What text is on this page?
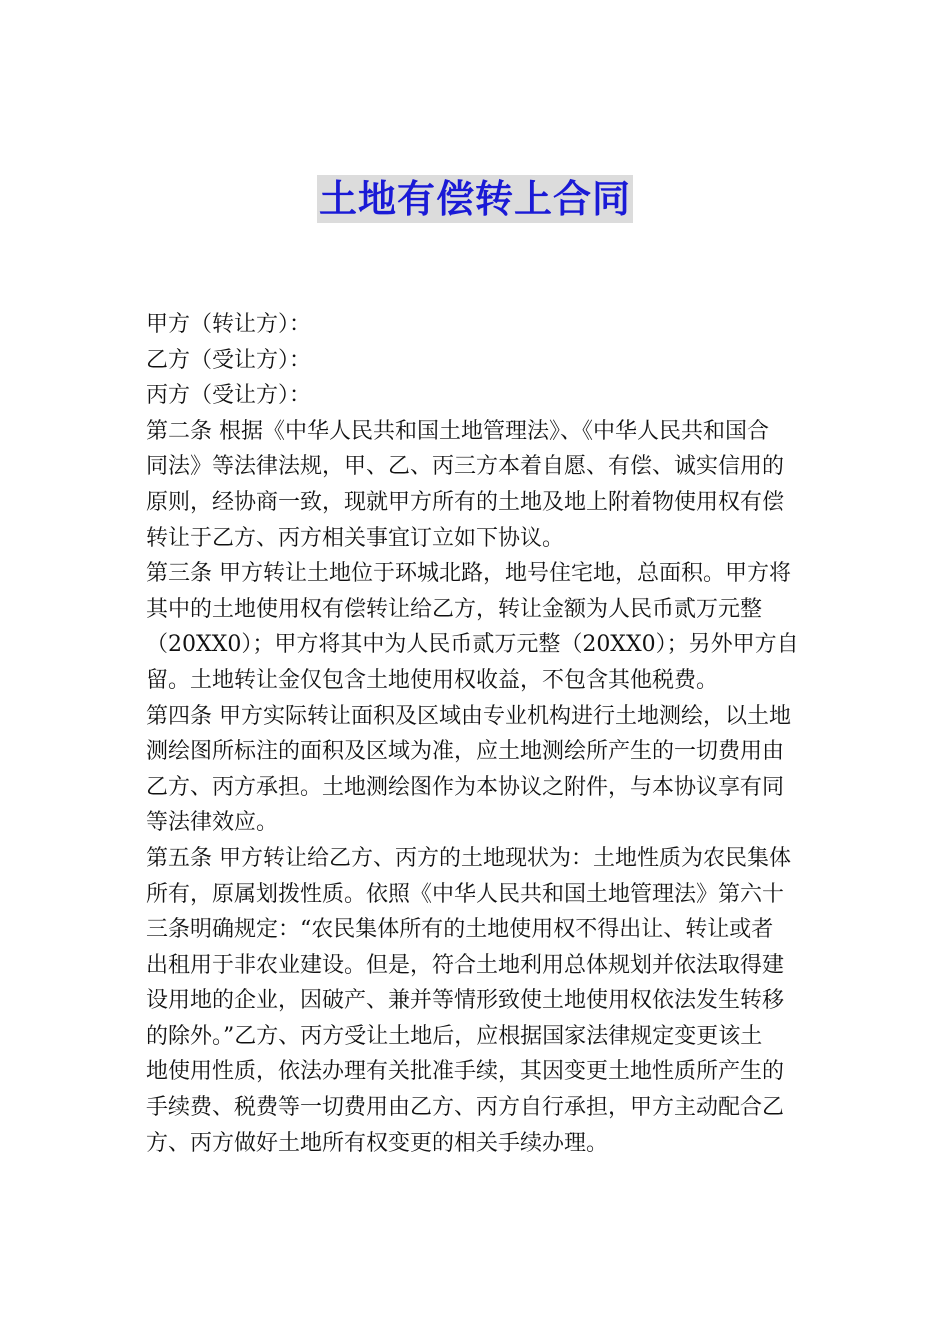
土地有偿转上合同
甲方（转让方）：
乙方（受让方）：
丙方（受让方）：
第二条 根据《中华人民共和国土地管理法》、《中华人民共和国合
同法》等法律法规，甲、乙、丙三方本着自愿、有偿、诚实信用的
原则，经协商一致，现就甲方所有的土地及地上附着物使用权有偿
转让于乙方、丙方相关事宜订立如下协议。
第三条 甲方转让土地位于环城北路，地号住宅地，总面积。甲方将
其中的土地使用权有偿转让给乙方，转让金额为人民币贰万元整
（20XX0）；甲方将其中为人民币贰万元整（20XX0）；另外甲方自
留。土地转让金仅包含土地使用权收益，不包含其他税费。
第四条 甲方实际转让面积及区域由专业机构进行土地测绘，以土地
测绘图所标注的面积及区域为准，应土地测绘所产生的一切费用由
乙方、丙方承担。土地测绘图作为本协议之附件，与本协议享有同
等法律效应。
第五条 甲方转让给乙方、丙方的土地现状为：土地性质为农民集体
所有，原属划拨性质。依照《中华人民共和国土地管理法》第六十
三条明确规定：“农民集体所有的土地使用权不得出让、转让或者
出租用于非农业建设。但是，符合土地利用总体规划并依法取得建
设用地的企业，因破产、兼并等情形致使土地使用权依法发生转移
的除外。”乙方、丙方受让土地后，应根据国家法律规定变更该土
地使用性质，依法办理有关批准手续，其因变更土地性质所产生的
手续费、税费等一切费用由乙方、丙方自行承担，甲方主动配合乙
方、丙方做好土地所有权变更的相关手续办理。
